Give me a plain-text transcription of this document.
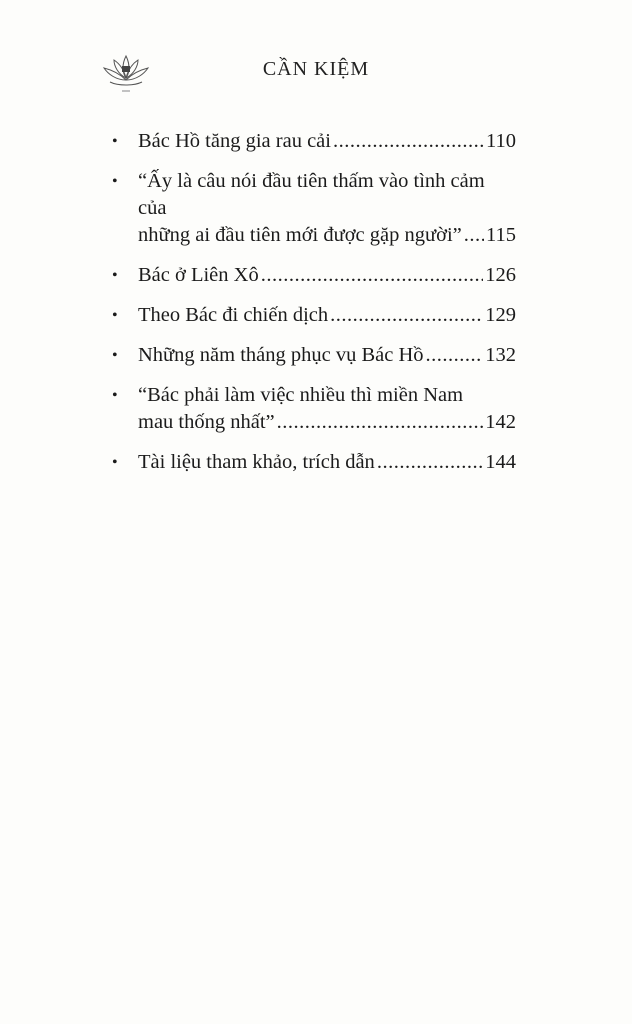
CẦN KIỆM
• Bác Hồ tăng gia rau cải .....	110
• “Ấy là câu nói đầu tiên thấm vào tình cảm của
những ai đầu tiên mới được gặp người” ..... 115
• Bác ở Liên Xô .....	126
• Theo Bác đi chiến dịch .....	129
• Những năm tháng phục vụ Bác Hồ .....	132
• “Bác phải làm việc nhiều thì miền Nam
mau thống nhất” .....	142
• Tài liệu tham khảo, trích dẫn .....	144
